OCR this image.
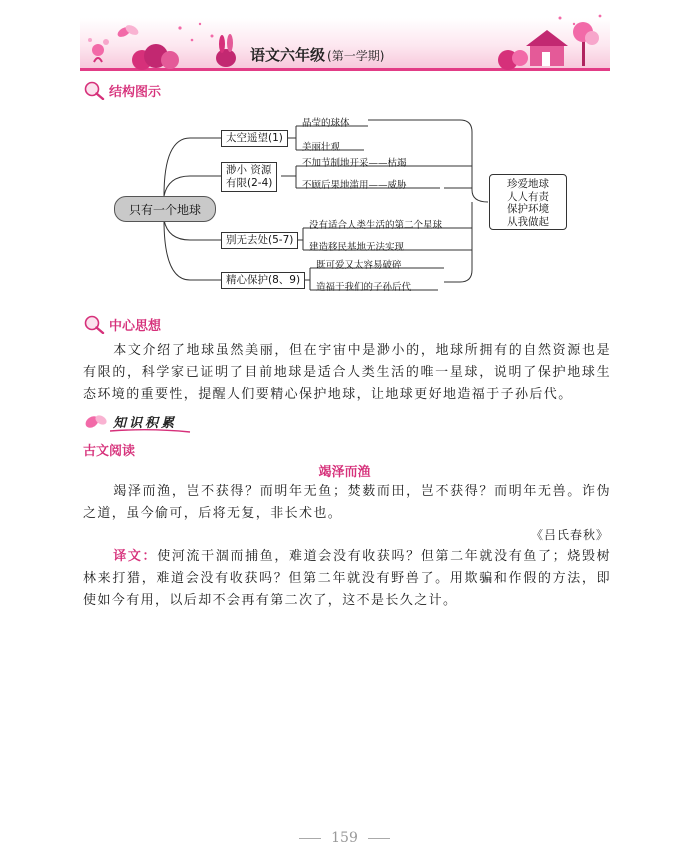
语文六年级 (第一学期)
结构图示
只有一个地球
太空遥望(1)
渺小 资源
有限(2-4)
别无去处(5-7)
精心保护(8、9)
晶莹的球体
美丽壮观
不加节制地开采——枯竭
不顾后果地滥用——威胁
没有适合人类生活的第二个星球
建造移民基地无法实现
既可爱又太容易破碎
造福于我们的子孙后代
珍爱地球
人人有责
保护环境
从我做起
中心思想
本文介绍了地球虽然美丽，但在宇宙中是渺小的，地球所拥有的自然资源也是有限的，科学家已证明了目前地球是适合人类生活的唯一星球，说明了保护地球生态环境的重要性，提醒人们要精心保护地球，让地球更好地造福于子孙后代。
知识积累
古文阅读
竭泽而渔
竭泽而渔，岂不获得？而明年无鱼；焚薮而田，岂不获得？而明年无兽。诈伪之道，虽今偷可，后将无复，非长术也。
《吕氏春秋》
译文：使河流干涸而捕鱼，难道会没有收获吗？但第二年就没有鱼了；烧毁树林来打猎，难道会没有收获吗？但第二年就没有野兽了。用欺骗和作假的方法，即使如今有用，以后却不会再有第二次了，这不是长久之计。
159
